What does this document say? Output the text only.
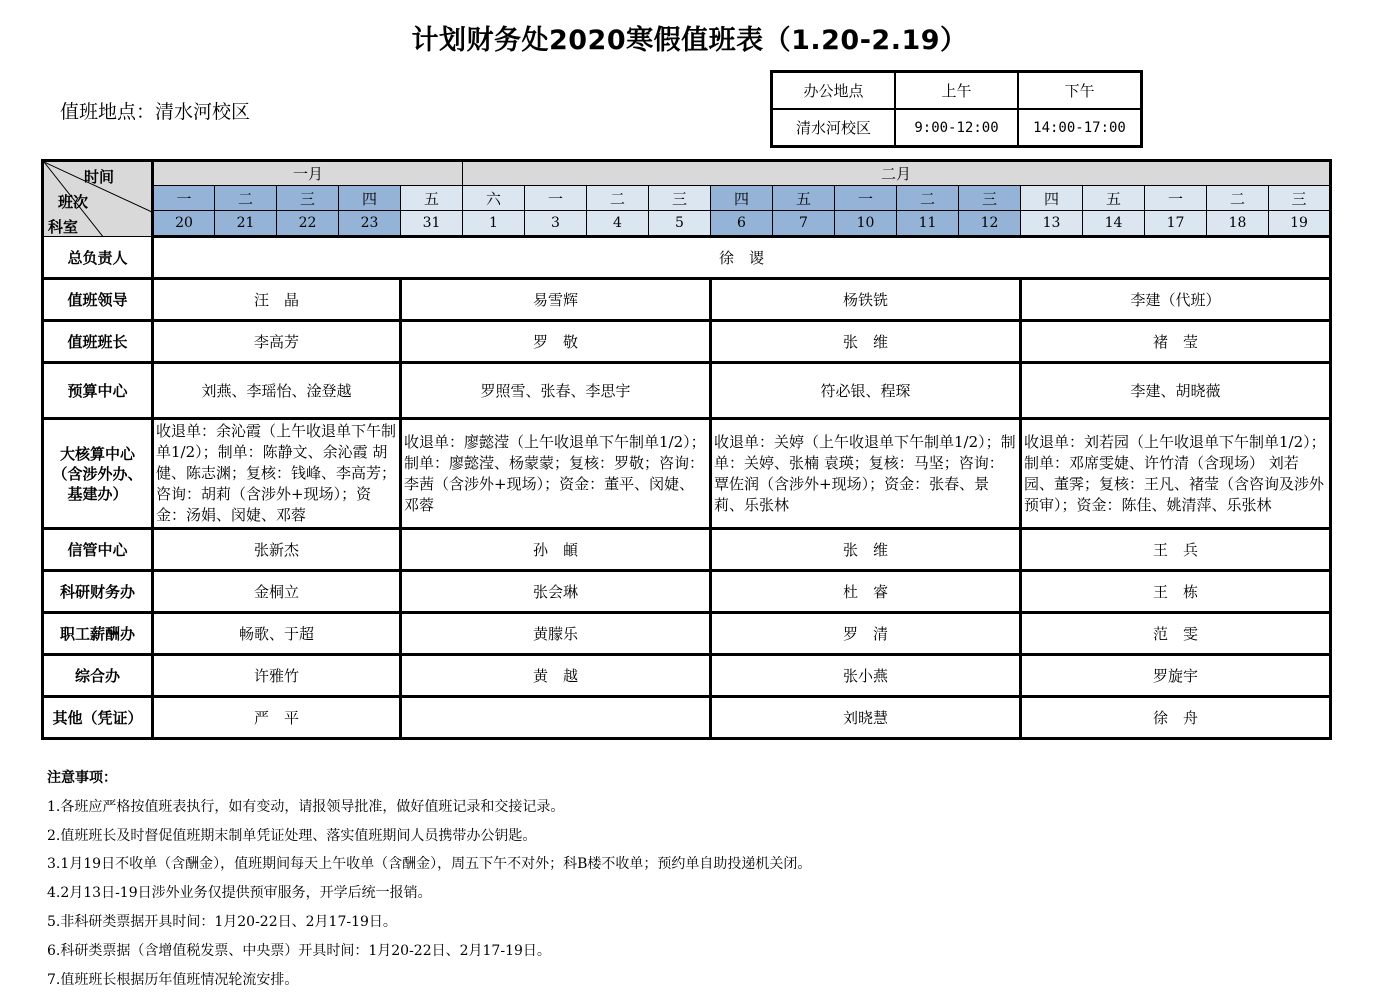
计划财务处2020寒假值班表（1.20-2.19）
值班地点：清水河校区
办公地点	上午	下午
清水河校区	9:00-12:00	14:00-17:00
时间
班次
科室	一月					二月													
	一	二	三	四	五	六	一	二	三	四	五	一	二	三	四	五	一	二	三
	20	21	22	23	31	1	3	4	5	6	7	10	11	12	13	14	17	18	19
总负责人	徐　谡																		
值班领导	汪　晶				易雪辉					杨铁铣					李建（代班）				
值班班长	李高芳				罗　敬					张　维					褚　莹				
预算中心	刘燕、李瑶怡、淦登越				罗照雪、张春、李思宇					符必银、程琛					李建、胡晓薇				
大核算中心（含涉外办、基建办）	收退单：余沁霞（上午收退单下午制单1/2）；制单：陈静文、余沁霞 胡健、陈志渊；复核：钱峰、李高芳；咨询：胡莉（含涉外+现场）；资金：汤娟、闵婕、邓蓉				收退单：廖懿滢（上午收退单下午制单1/2）；制单：廖懿滢、杨蒙蒙；复核：罗敬；咨询：李茜（含涉外+现场）；资金：董平、闵婕、邓蓉					收退单：关婷（上午收退单下午制单1/2）；制单：关婷、张楠 袁瑛；复核：马坚；咨询：覃佐润（含涉外+现场）；资金：张春、景莉、乐张林					收退单：刘若园（上午收退单下午制单1/2）；制单：邓席雯婕、许竹清（含现场） 刘若园、董霁；复核：王凡、褚莹（含咨询及涉外预审）；资金：陈佳、姚清萍、乐张林				
信管中心	张新杰				孙　頔					张　维					王　兵				
科研财务办	金桐立				张会琳					杜　睿					王　栋				
职工薪酬办	畅歌、于超				黄朦乐					罗　清					范　雯				
综合办	许雅竹				黄　越					张小燕					罗旋宇				
其他（凭证）	严　平									刘晓慧					徐　舟				
注意事项：
1.各班应严格按值班表执行，如有变动，请报领导批准，做好值班记录和交接记录。
2.值班班长及时督促值班期末制单凭证处理、落实值班期间人员携带办公钥匙。
3.1月19日不收单（含酬金），值班期间每天上午收单（含酬金），周五下午不对外；科B楼不收单；预约单自助投递机关闭。
4.2月13日-19日涉外业务仅提供预审服务，开学后统一报销。
5.非科研类票据开具时间：1月20-22日、2月17-19日。
6.科研类票据（含增值税发票、中央票）开具时间：1月20-22日、2月17-19日。
7.值班班长根据历年值班情况轮流安排。
